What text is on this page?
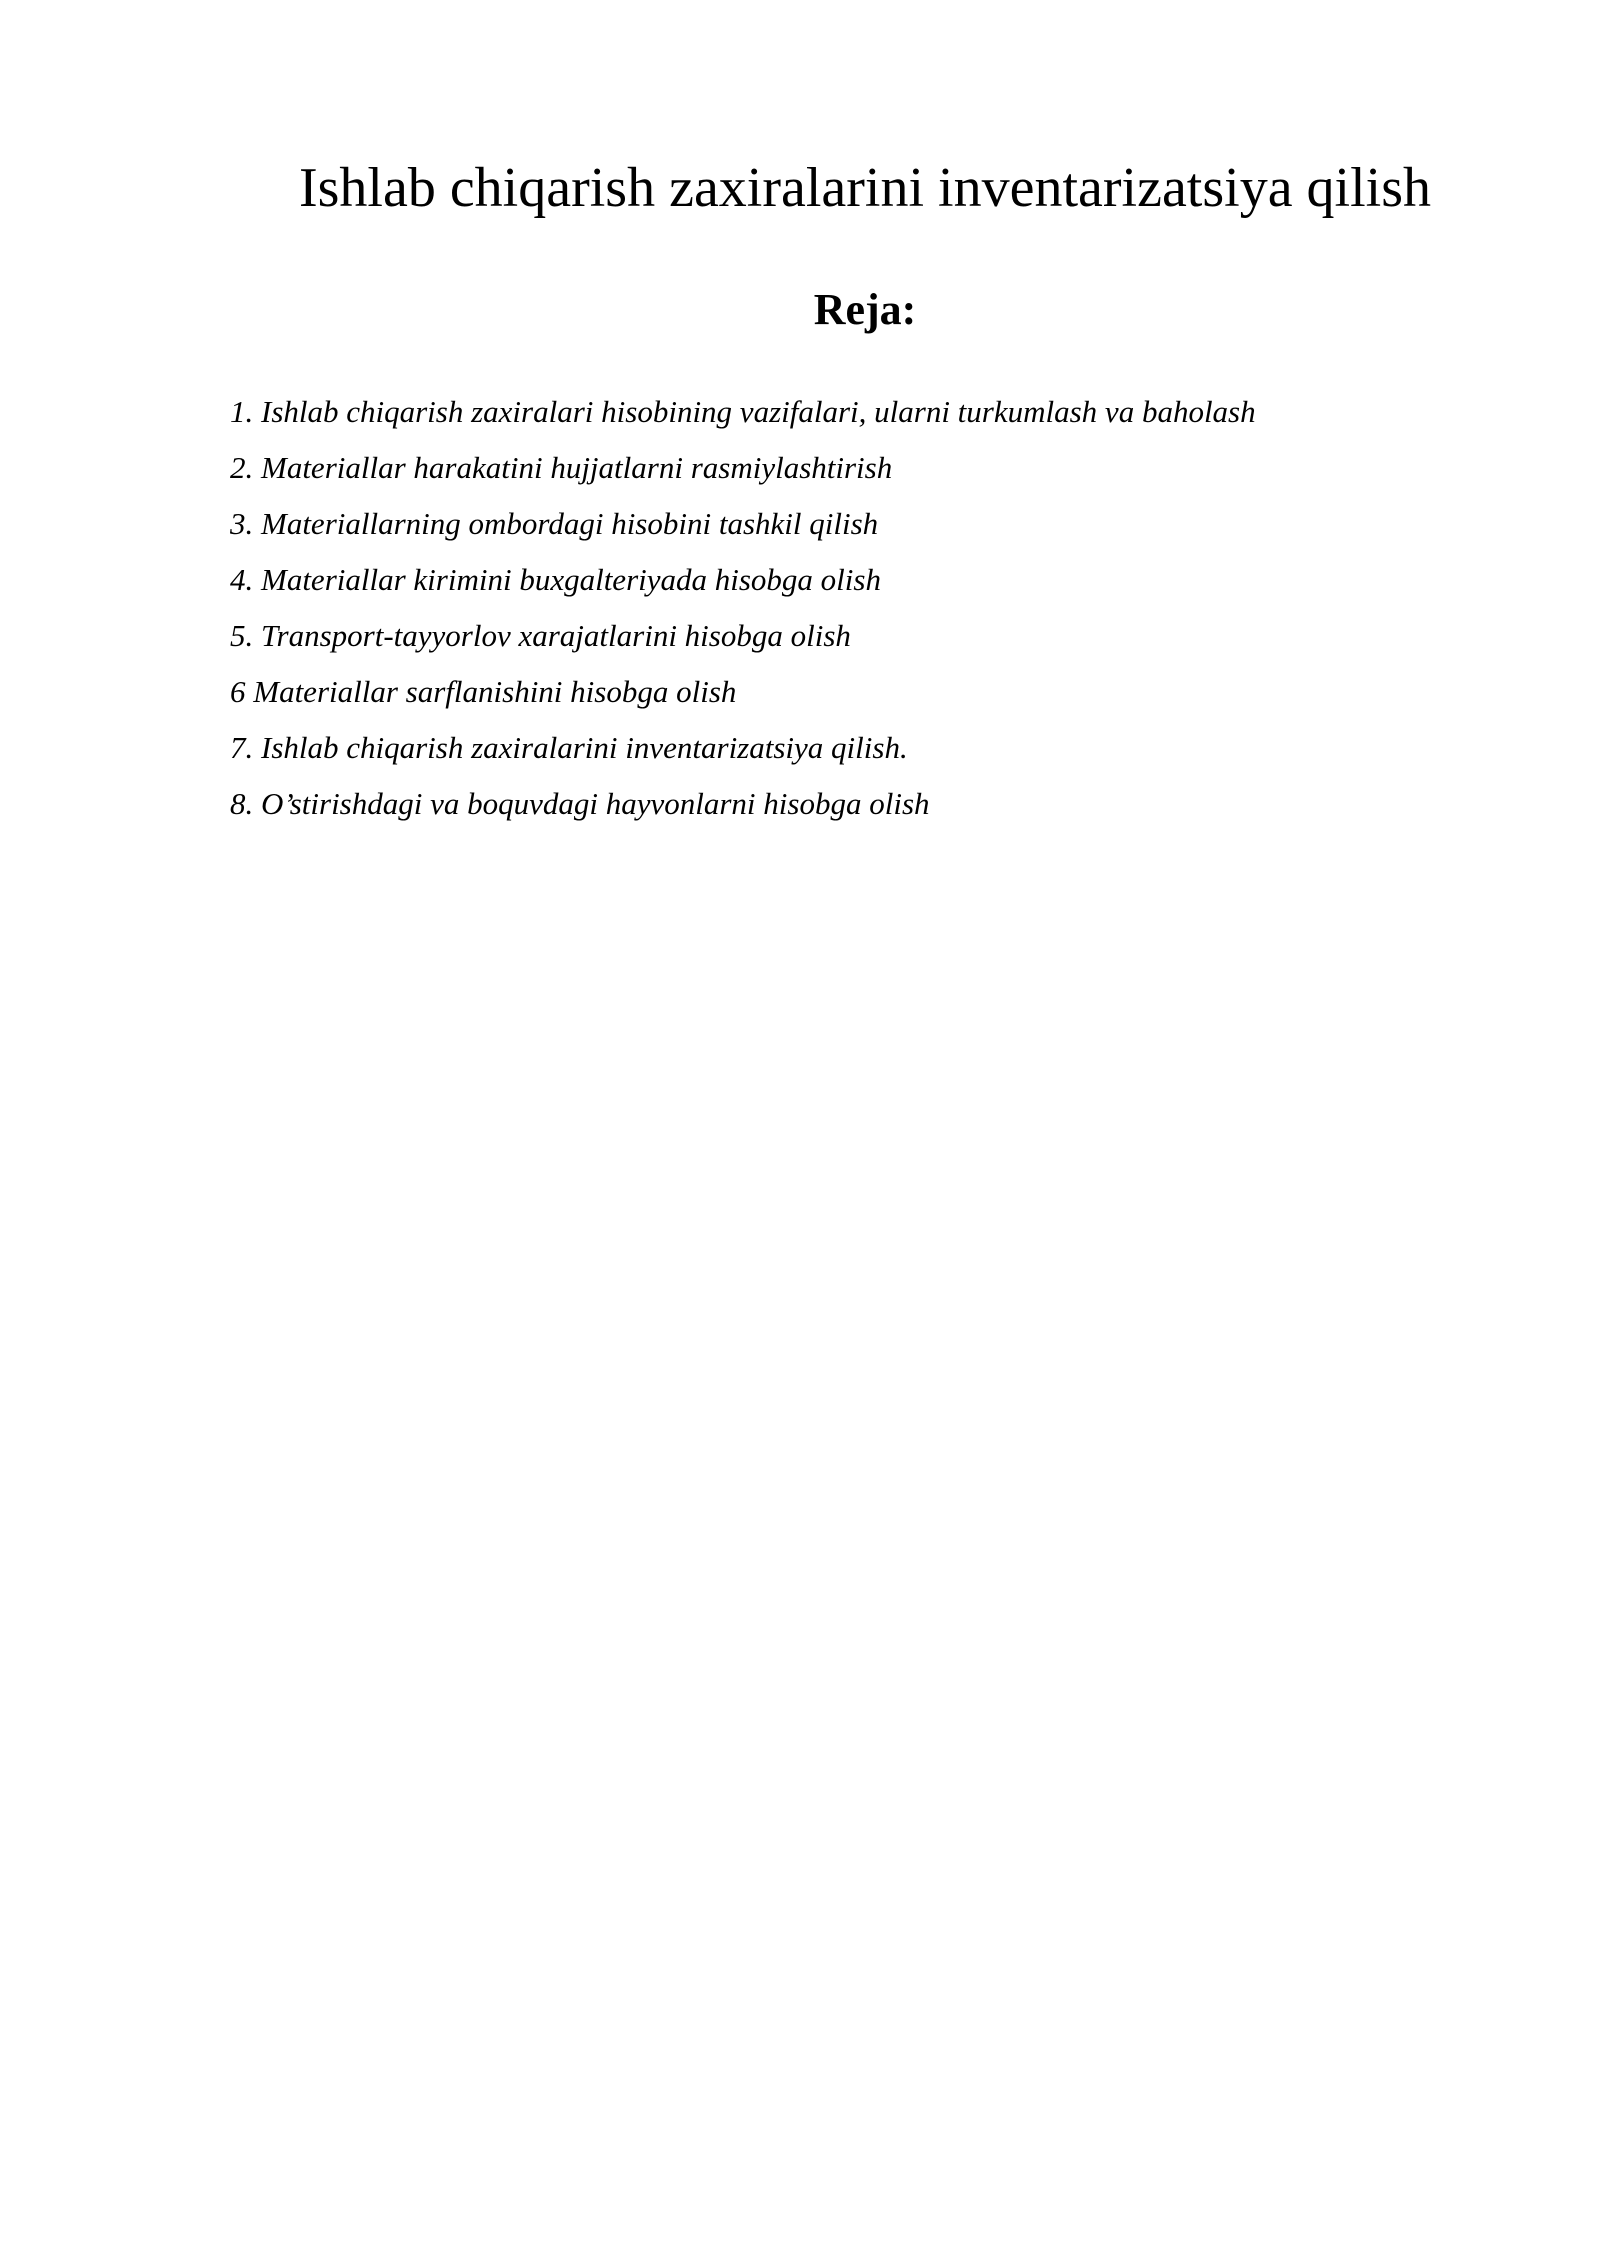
Ishlab chiqarish zaxiralarini inventarizatsiya qilish
Reja:
1. Ishlab chiqarish zaxiralari hisobining vazifalari, ularni turkumlash va baholash
2. Materiallar harakatini hujjatlarni rasmiylashtirish
3. Materiallarning ombordagi hisobini tashkil qilish
4. Materiallar kirimini buxgalteriyada hisobga olish
5. Transport-tayyorlov xarajatlarini hisobga olish
6 Materiallar sarflanishini hisobga olish
7. Ishlab chiqarish zaxiralarini inventarizatsiya qilish.
8. O’stirishdagi va boquvdagi hayvonlarni hisobga olish
